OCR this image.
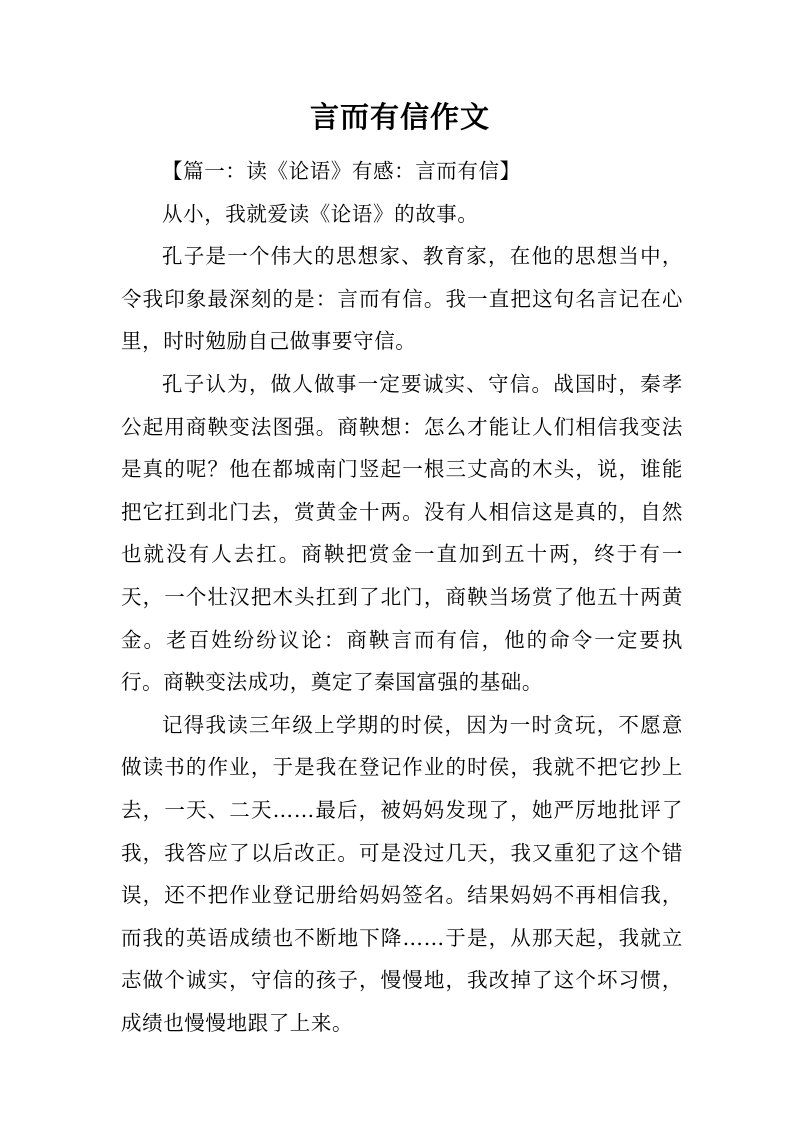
言而有信作文

【篇一：读《论语》有感：言而有信】

从小，我就爱读《论语》的故事。

孔子是一个伟大的思想家、教育家，在他的思想当中，令我印象最深刻的是：言而有信。我一直把这句名言记在心里，时时勉励自己做事要守信。

孔子认为，做人做事一定要诚实、守信。战国时，秦孝公起用商鞅变法图强。商鞅想：怎么才能让人们相信我变法是真的呢？他在都城南门竖起一根三丈高的木头，说，谁能把它扛到北门去，赏黄金十两。没有人相信这是真的，自然也就没有人去扛。商鞅把赏金一直加到五十两，终于有一天，一个壮汉把木头扛到了北门，商鞅当场赏了他五十两黄金。老百姓纷纷议论：商鞅言而有信，他的命令一定要执行。商鞅变法成功，奠定了秦国富强的基础。

记得我读三年级上学期的时侯，因为一时贪玩，不愿意做读书的作业，于是我在登记作业的时侯，我就不把它抄上去，一天、二天……最后，被妈妈发现了，她严厉地批评了我，我答应了以后改正。可是没过几天，我又重犯了这个错误，还不把作业登记册给妈妈签名。结果妈妈不再相信我，而我的英语成绩也不断地下降……于是，从那天起，我就立志做个诚实，守信的孩子，慢慢地，我改掉了这个坏习惯，成绩也慢慢地跟了上来。
